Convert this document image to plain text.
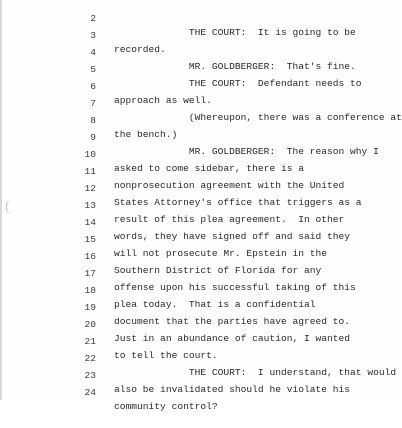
2

THE COURT:  It is going to be

3

recorded.

4

MR. GOLDBERGER:  That's fine.

5

THE COURT:  Defendant needs to

6

approach as well.

7

(Whereupon, there was a conference at

8

the bench.)

9

MR. GOLDBERGER:  The reason why I

10

asked to come sidebar, there is a

11

nonprosecution agreement with the United

12

States Attorney's office that triggers as a

13

result of this plea agreement.  In other

14

words, they have signed off and said they

15

will not prosecute Mr. Epstein in the

16

Southern District of Florida for any

17

offense upon his successful taking of this

18

plea today.  That is a confidential

19

document that the parties have agreed to.

20

Just in an abundance of caution, I wanted

21

to tell the court.

22

THE COURT:  I understand, that would

23

also be invalidated should he violate his

24

community control?
